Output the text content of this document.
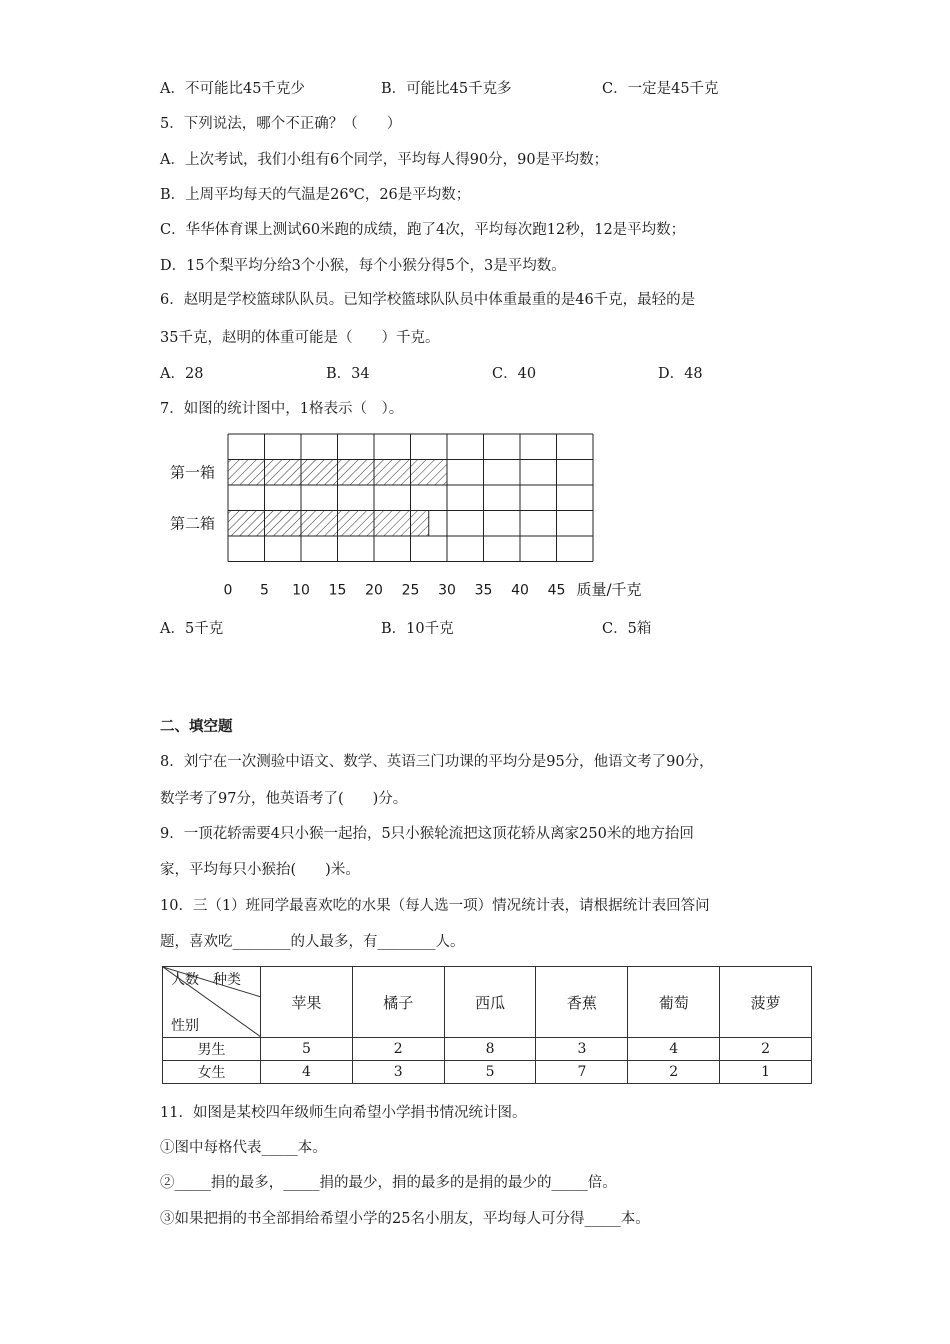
A．不可能比45千克少	B．可能比45千克多	C．一定是45千克
5．下列说法，哪个不正确？（　　）
A．上次考试，我们小组有6个同学，平均每人得90分，90是平均数；
B．上周平均每天的气温是26℃，26是平均数；
C．华华体育课上测试60米跑的成绩，跑了4次，平均每次跑12秒，12是平均数；
D．15个梨平均分给3个小猴，每个小猴分得5个，3是平均数。
6．赵明是学校篮球队队员。已知学校篮球队队员中体重最重的是46千克，最轻的是
35千克，赵明的体重可能是（　　）千克。
A．28	B．34	C．40	D．48
7．如图的统计图中，1格表示（　）。
第一箱
第二箱
0 5 10 15 20 25 30 35 40 45 质量/千克
A．5千克	B．10千克	C．5箱
二、填空题
8．刘宁在一次测验中语文、数学、英语三门功课的平均分是95分，他语文考了90分，
数学考了97分，他英语考了(　　)分。
9．一顶花轿需要4只小猴一起抬，5只小猴轮流把这顶花轿从离家250米的地方抬回
家，平均每只小猴抬(　　)米。
10．三（1）班同学最喜欢吃的水果（每人选一项）情况统计表，请根据统计表回答问
题，喜欢吃________的人最多，有________人。
人数 种类
性别	苹果	橘子	西瓜	香蕉	葡萄	菠萝
男生	5	2	8	3	4	2
女生	4	3	5	7	2	1
11．如图是某校四年级师生向希望小学捐书情况统计图。
①图中每格代表_____本。
②_____捐的最多，_____捐的最少，捐的最多的是捐的最少的_____倍。
③如果把捐的书全部捐给希望小学的25名小朋友，平均每人可分得_____本。
